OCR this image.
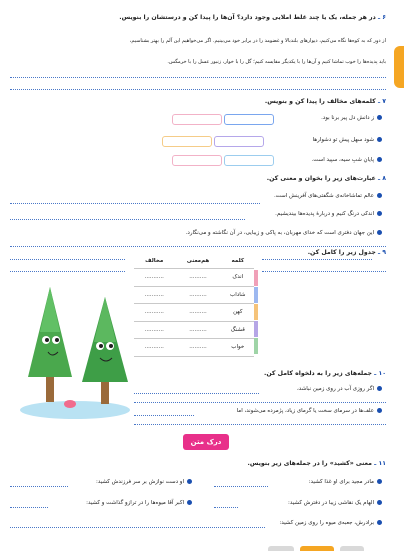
۶ ـ در هر جمله، یک یا چند غلط املایی وجود دارد؟ آن‌ها را پیدا کن و درستشان را بنویس.
از دور که به کوه‌ها نگاه می‌کنیم، دیوارهای بلندبالا و غضومد را در برابر خود می‌بینیم. اگر می‌خواهیم این آلم را بهتر بشناسیم،
باید پدیده‌ها را خوب تماشا کنیم و آن‌ها را با یکدیگر مقایسه کنیم؛ گل را با خوار، زنبور عسل را با خرمگس.
۷ ـ کلمه‌های مخالف را پیدا کن و بنویس.
ز دانش دل پیر برنا بود.
شود سهل پیش تو دشوارها
پایانِ شبِ سیه، سپید است.
۸ ـ عبارت‌های زیر را بخوان و معنی کن.
عالم تماشاخانه‌ی شگفتی‌های آفرینش است.
اندکی درنگ کنیم و دربارهٔ پدیده‌ها بیندیشیم.
این جهان دفتری است که خدای مهربان، به پاکی و زیبایی، در آن نگاشته و می‌نگارد.
۹ ـ جدول زیر را کامل کن.
کلمه	هم‌معنی	مخالف
اندک	..........	...........
شاداب	..........	...........
کهن	..........	...........
قشنگ	..........	...........
خواب	..........	...........
۱۰ ـ جمله‌های زیر را به دلخواه کامل کن.
اگر روزی آب در روی زمین نباشد،
علف‌ها در سرمای سخت یا گرمای زیاد، پژمرده می‌شوند، اما
درک متن
۱۱ ـ معنی «کشید» را در جمله‌های زیر بنویس.
مادر مجید برای او غذا کشید:
او دست نوازش بر سر فرزندش کشید:
الهام یک نقاشی زیبا در دفترش کشید:
اکبر آقا میوه‌ها را در ترازو گذاشت و کشید:
برادرش، جعبه‌ی میوه را روی زمین کشید:
